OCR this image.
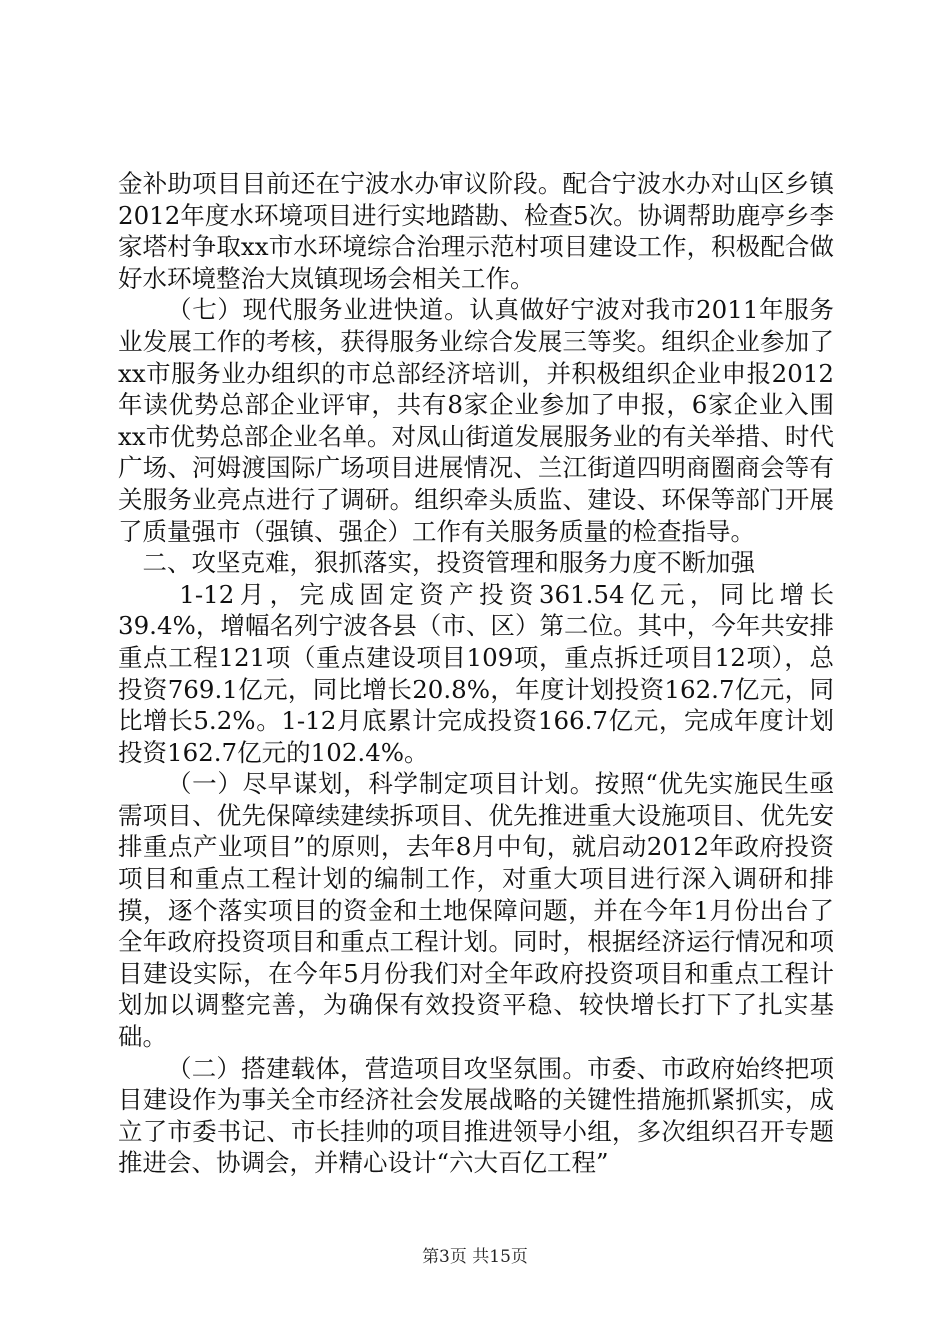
金补助项目目前还在宁波水办审议阶段。配合宁波水办对山区乡镇2012年度水环境项目进行实地踏勘、检查5次。协调帮助鹿亭乡李家塔村争取xx市水环境综合治理示范村项目建设工作，积极配合做好水环境整治大岚镇现场会相关工作。

（七）现代服务业进快道。认真做好宁波对我市2011年服务业发展工作的考核，获得服务业综合发展三等奖。组织企业参加了xx市服务业办组织的市总部经济培训，并积极组织企业申报2012年读优势总部企业评审，共有8家企业参加了申报，6家企业入围xx市优势总部企业名单。对凤山街道发展服务业的有关举措、时代广场、河姆渡国际广场项目进展情况、兰江街道四明商圈商会等有关服务业亮点进行了调研。组织牵头质监、建设、环保等部门开展了质量强市（强镇、强企）工作有关服务质量的检查指导。

二、攻坚克难，狠抓落实，投资管理和服务力度不断加强

1-12月，完成固定资产投资361.54亿元，同比增长39.4%，增幅名列宁波各县（市、区）第二位。其中，今年共安排重点工程121项（重点建设项目109项，重点拆迁项目12项），总投资769.1亿元，同比增长20.8%，年度计划投资162.7亿元，同比增长5.2%。1-12月底累计完成投资166.7亿元，完成年度计划投资162.7亿元的102.4%。

（一）尽早谋划，科学制定项目计划。按照“优先实施民生亟需项目、优先保障续建续拆项目、优先推进重大设施项目、优先安排重点产业项目”的原则，去年8月中旬，就启动2012年政府投资项目和重点工程计划的编制工作，对重大项目进行深入调研和排摸，逐个落实项目的资金和土地保障问题，并在今年1月份出台了全年政府投资项目和重点工程计划。同时，根据经济运行情况和项目建设实际，在今年5月份我们对全年政府投资项目和重点工程计划加以调整完善，为确保有效投资平稳、较快增长打下了扎实基础。

（二）搭建载体，营造项目攻坚氛围。市委、市政府始终把项目建设作为事关全市经济社会发展战略的关键性措施抓紧抓实，成立了市委书记、市长挂帅的项目推进领导小组，多次组织召开专题推进会、协调会，并精心设计“六大百亿工程”

第3页 共15页
